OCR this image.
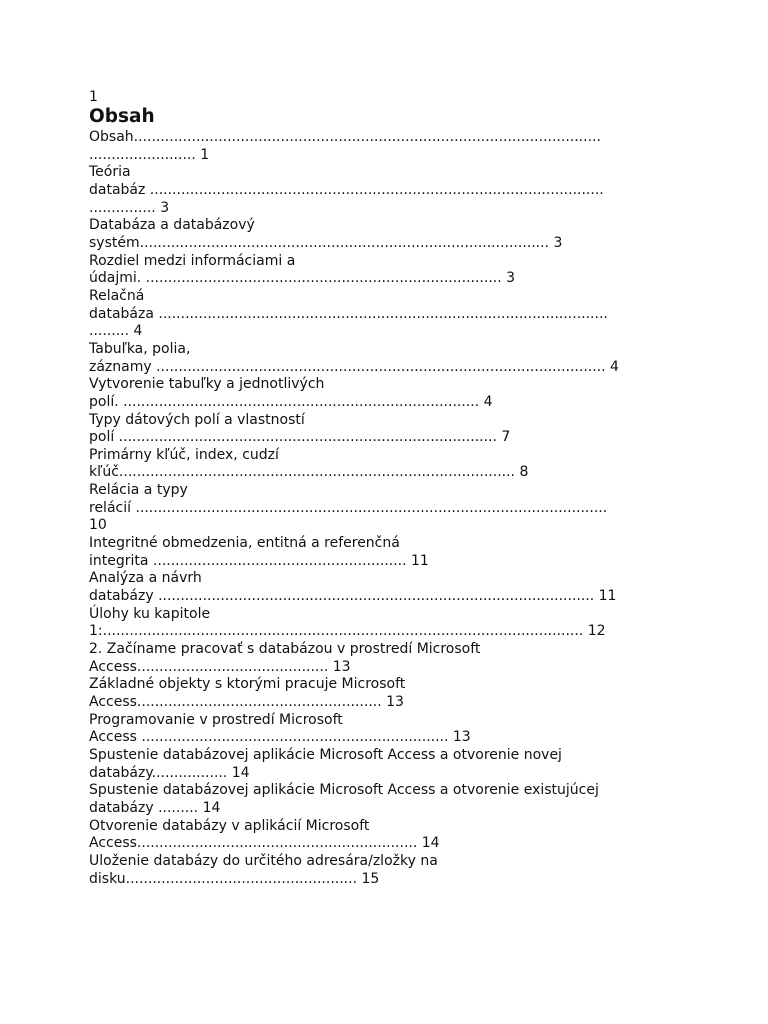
1

Obsah

Obsah.........................................................................................................

........................ 1

Teória

databáz ......................................................................................................

............... 3

Databáza a databázový

systém............................................................................................ 3

Rozdiel medzi informáciami a

údajmi. ................................................................................ 3

Relačná

databáza .....................................................................................................

......... 4

Tabuľka, polia,

záznamy ..................................................................................................... 4

Vytvorenie tabuľky a jednotlivých

polí. ................................................................................ 4

Typy dátových polí a vlastností

polí ..................................................................................... 7

Primárny kľúč, index, cudzí

kľúč......................................................................................... 8

Relácia a typy

relácií ..........................................................................................................

10

Integritné obmedzenia, entitná a referenčná

integrita ......................................................... 11

Analýza a návrh

databázy .................................................................................................. 11

Úlohy ku kapitole

1:............................................................................................................ 12

2. Začíname pracovať s databázou v prostredí Microsoft

Access........................................... 13

Základné objekty s ktorými pracuje Microsoft

Access....................................................... 13

Programovanie v prostredí Microsoft

Access ..................................................................... 13

Spustenie databázovej aplikácie Microsoft Access a otvorenie novej

databázy................. 14

Spustenie databázovej aplikácie Microsoft Access a otvorenie existujúcej

databázy ......... 14

Otvorenie databázy v aplikácií Microsoft

Access............................................................... 14

Uloženie databázy do určitého adresára/zložky na

disku.................................................... 15
